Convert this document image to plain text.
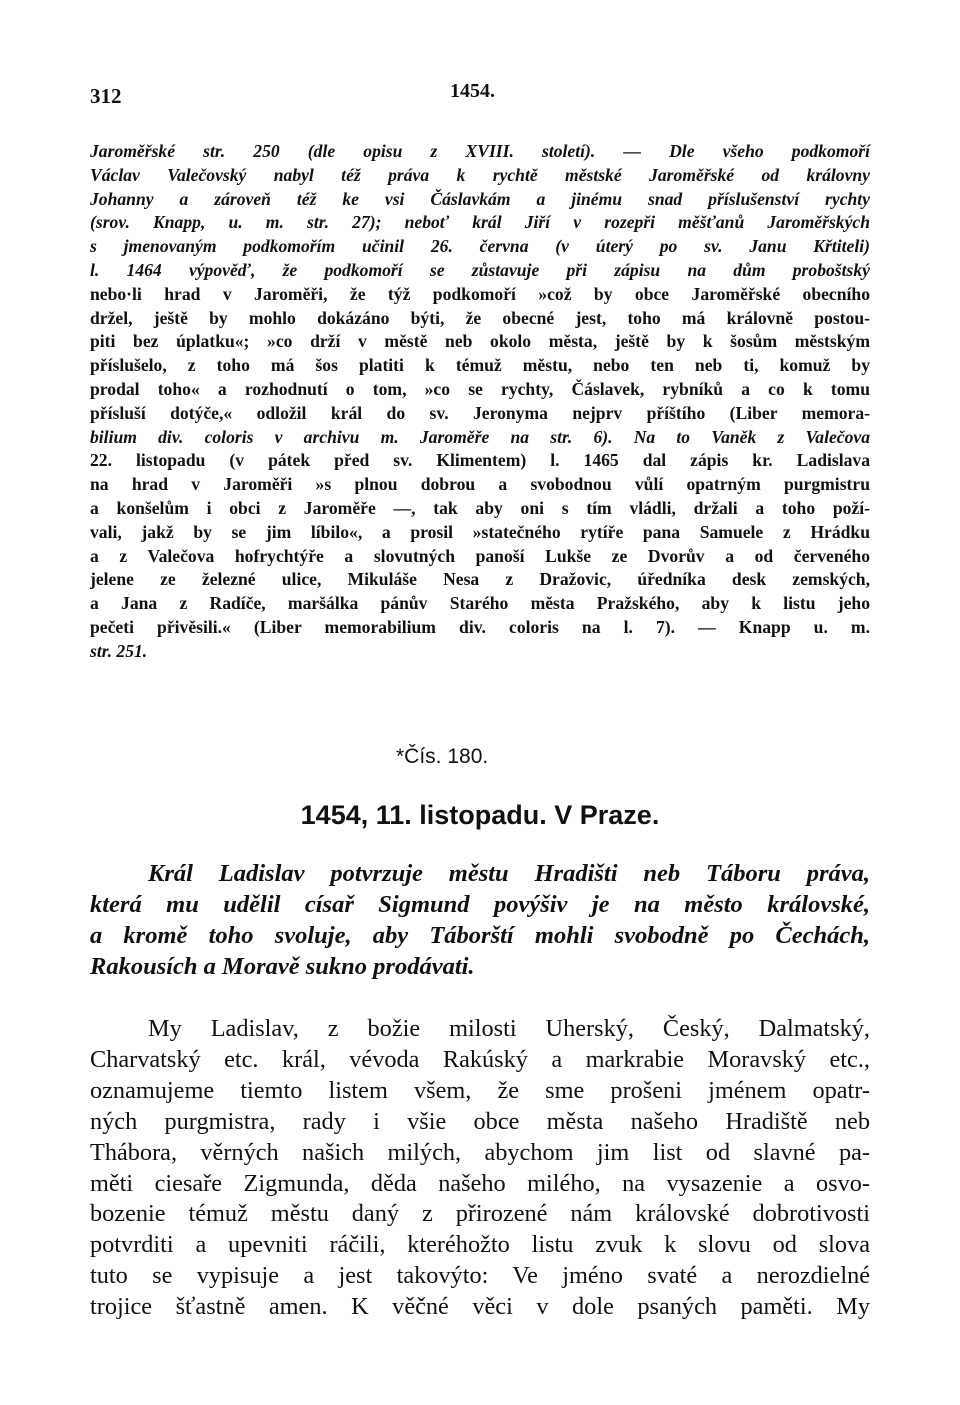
312	1454.
Jaroměřské str. 250 (dle opisu z XVIII. století). — Dle všeho podkomoří
Václav Valečovský nabyl též práva k rychtě městské Jaroměřské od královny
Johanny a zároveň též ke vsi Čáslavkám a jinému snad příslušenství rychty
(srov. Knapp, u. m. str. 27); neboť král Jiří v rozepři měšťanů Jaroměřských
s jmenovaným podkomořím učinil 26. června (v úterý po sv. Janu Křtiteli)
l. 1464 výpověď, že podkomoří se zůstavuje při zápisu na dům proboštský
nebo·li hrad v Jaroměři, že týž podkomoří »což by obce Jaroměřské obecního
držel, ještě by mohlo dokázáno býti, že obecné jest, toho má královně postou-
piti bez úplatku«; »co drží v městě neb okolo města, ještě by k šosům městským
příslušelo, z toho má šos platiti k témuž městu, nebo ten neb ti, komuž by
prodal toho« a rozhodnutí o tom, »co se rychty, Čáslavek, rybníků a co k tomu
přísluší dotýče,« odložil král do sv. Jeronyma nejprv příštího (Liber memora-
bilium div. coloris v archivu m. Jaroměře na str. 6). Na to Vaněk z Valečova
22. listopadu (v pátek před sv. Klimentem) l. 1465 dal zápis kr. Ladislava
na hrad v Jaroměři »s plnou dobrou a svobodnou vůlí opatrným purgmistru
a konšelům i obci z Jaroměře —, tak aby oni s tím vládli, držali a toho poží-
vali, jakž by se jim líbilo«, a prosil »statečného rytíře pana Samuele z Hrádku
a z Valečova hofrychtýře a slovutných panoší Lukše ze Dvorův a od červeného
jelene ze železné ulice, Mikuláše Nesa z Dražovic, úředníka desk zemských,
a Jana z Radíče, maršálka pánův Starého města Pražského, aby k listu jeho
pečeti přivěsili.« (Liber memorabilium div. coloris na l. 7). — Knapp u. m.
str. 251.
*Čís. 180.
1454, 11. listopadu. V Praze.
Král Ladislav potvrzuje městu Hradišti neb Táboru práva,
která mu udělil císař Sigmund povýšiv je na město královské,
a kromě toho svoluje, aby Táborští mohli svobodně po Čechách,
Rakousích a Moravě sukno prodávati.
My Ladislav, z božie milosti Uherský, Český, Dalmatský,
Charvatský etc. král, vévoda Rakúský a markrabie Moravský etc.,
oznamujeme tiemto listem všem, že sme prošeni jménem opatr-
ných purgmistra, rady i všie obce města našeho Hradiště neb
Thábora, věrných našich milých, abychom jim list od slavné pa-
měti ciesaře Zigmunda, děda našeho milého, na vysazenie a osvo-
bozenie témuž městu daný z přirozené nám královské dobrotivosti
potvrditi a upevniti ráčili, kteréhožto listu zvuk k slovu od slova
tuto se vypisuje a jest takovýto: Ve jméno svaté a nerozdielné
trojice šťastně amen. K věčné věci v dole psaných paměti. My
